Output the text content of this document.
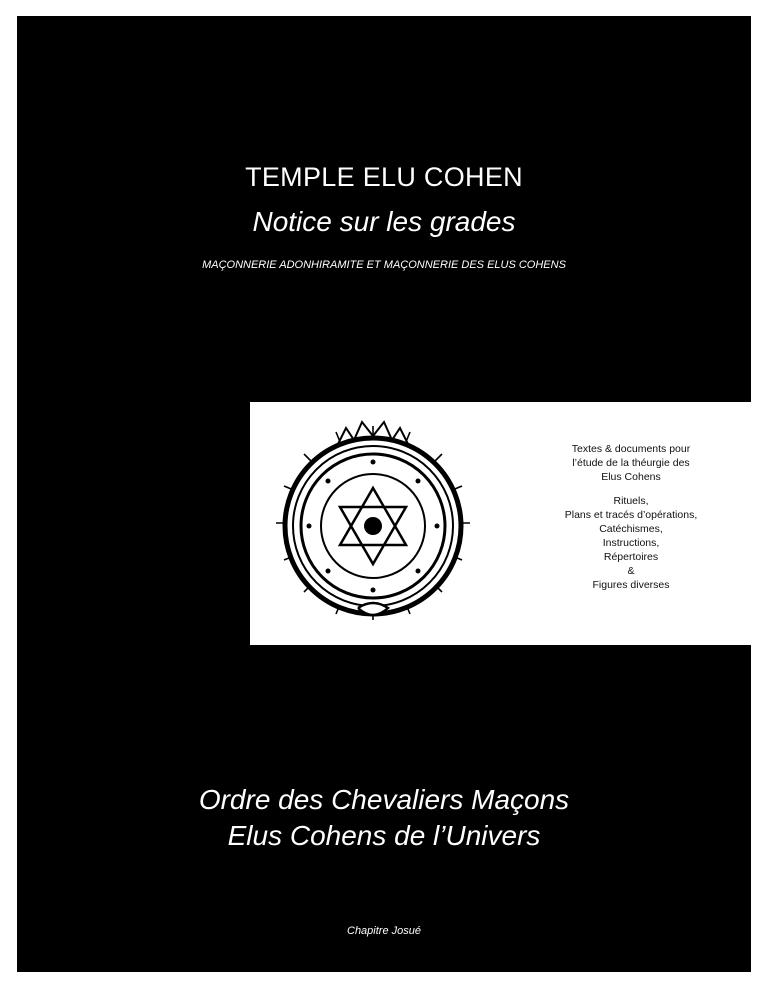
TEMPLE ELU COHEN
Notice sur les grades
MAÇONNERIE ADONHIRAMITE ET MAÇONNERIE DES ELUS COHENS
Textes & documents pour
l’étude de la théurgie des
Elus Cohens
Rituels,
Plans et tracés d’opérations,
Catéchismes,
Instructions,
Répertoires
&
Figures diverses
Ordre des Chevaliers Maçons
Elus Cohens de l’Univers
Chapitre Josué
